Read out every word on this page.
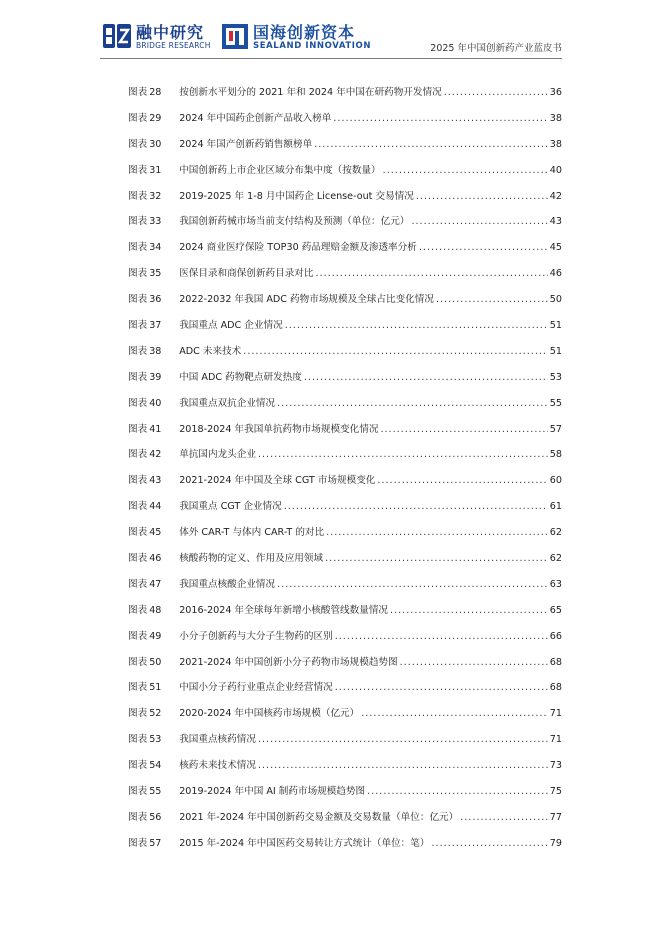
融中研究
BRIDGE RESEARCH
国海创新资本
SEALAND INNOVATION	2025 年中国创新药产业蓝皮书
图表 28	按创新水平划分的 2021 年和 2024 年中国在研药物开发情况 .....	36
图表 29	2024 年中国药企创新产品收入榜单 .....	38
图表 30	2024 年国产创新药销售额榜单 .....	38
图表 31	中国创新药上市企业区域分布集中度（按数量） .....	40
图表 32	2019-2025 年 1-8 月中国药企 License-out 交易情况 .....	42
图表 33	我国创新药械市场当前支付结构及预测（单位：亿元） .....	43
图表 34	2024 商业医疗保险 TOP30 药品理赔金额及渗透率分析 .....	45
图表 35	医保目录和商保创新药目录对比 .....	46
图表 36	2022-2032 年我国 ADC 药物市场规模及全球占比变化情况 .....	50
图表 37	我国重点 ADC 企业情况 .....	51
图表 38	ADC 未来技术 .....	51
图表 39	中国 ADC 药物靶点研发热度 .....	53
图表 40	我国重点双抗企业情况 .....	55
图表 41	2018-2024 年我国单抗药物市场规模变化情况 .....	57
图表 42	单抗国内龙头企业 .....	58
图表 43	2021-2024 年中国及全球 CGT 市场规模变化 .....	60
图表 44	我国重点 CGT 企业情况 .....	61
图表 45	体外 CAR-T 与体内 CAR-T 的对比 .....	62
图表 46	核酸药物的定义、作用及应用领域 .....	62
图表 47	我国重点核酸企业情况 .....	63
图表 48	2016-2024 年全球每年新增小核酸管线数量情况 .....	65
图表 49	小分子创新药与大分子生物药的区别 .....	66
图表 50	2021-2024 年中国创新小分子药物市场规模趋势图 .....	68
图表 51	中国小分子药行业重点企业经营情况 .....	68
图表 52	2020-2024 年中国核药市场规模（亿元） .....	71
图表 53	我国重点核药情况 .....	71
图表 54	核药未来技术情况 .....	73
图表 55	2019-2024 年中国 AI 制药市场规模趋势图 .....	75
图表 56	2021 年-2024 年中国创新药交易金额及交易数量（单位：亿元） .....	77
图表 57	2015 年-2024 年中国医药交易转让方式统计（单位：笔） .....	79
